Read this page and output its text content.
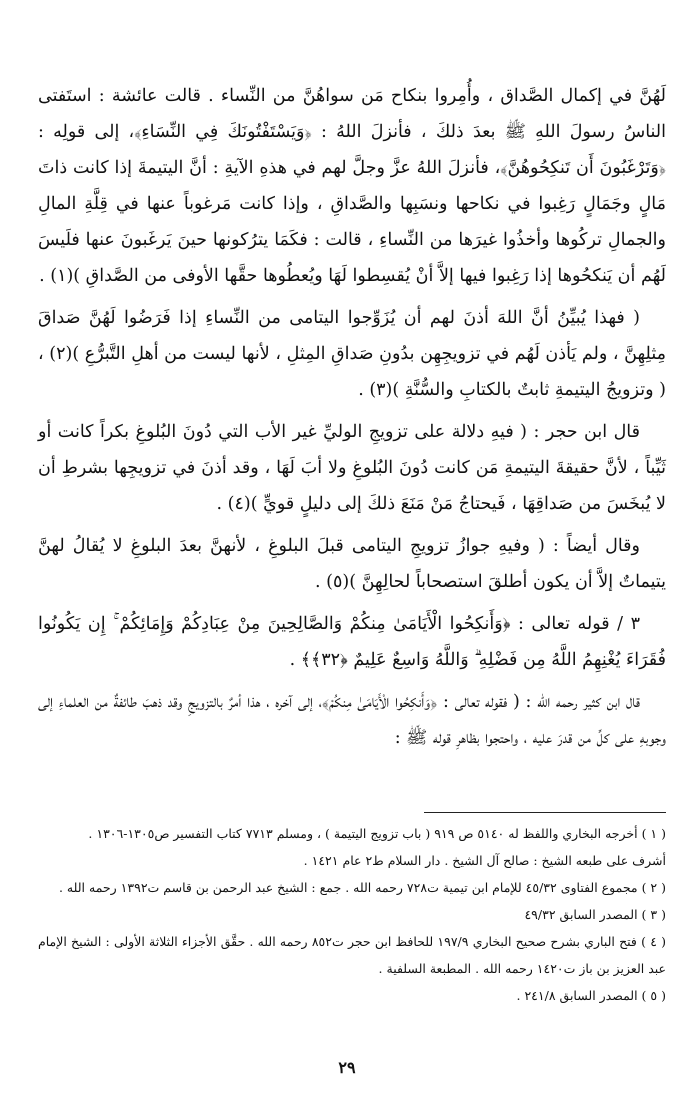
لَهُنَّ في إكمال الصَّداق ، وأُمِروا بنكاح مَن سواهُنَّ من النِّساء . قالت عائشة : استَفتى الناسُ رسولَ اللهِ ﷺ بعدَ ذلكَ ، فأنزلَ اللهُ : ﴿وَيَسْتَفْتُونَكَ فِي النِّسَاءِ﴾، إلى قولِه : ﴿وَتَرْغَبُونَ أَن تَنكِحُوهُنَّ﴾، فأنزلَ اللهُ عزَّ وجلَّ لهم في هذهِ الآيةِ : أنَّ اليتيمةَ إذا كانت ذاتَ مَالٍ وجَمَالٍ رَغِبوا في نكاحها ونسَبِها والصَّداقِ ، وإذا كانت مَرغوباً عنها في قِلَّةِ المالِ والجمالِ تركُوها وأخذُوا غيرَها من النِّساءِ ، قالت : فكَمَا يترُكونها حينَ يَرغَبونَ عنها فلَيسَ لَهُم أن يَنكحُوها إذا رَغِبوا فيها إلاَّ أنْ يُقسِطوا لَهَا ويُعطُوها حقَّها الأوفى من الصَّداقِ )(١) .

( فهذا يُبيِّنُ أنَّ اللهَ أذنَ لهم أن يُزَوِّجوا اليتامى من النِّساءِ إذا فَرَضُوا لَهُنَّ صَداقَ مِثلِهِنَّ ، ولم يَأذن لَهُم في تزويجِهِن بدُونِ صَداقِ المِثلِ ، لأنها ليست من أهلِ التَّبرُّعِ )(٢) ، ( وتزويجُ اليتيمةِ ثابتٌ بالكتابِ والسُّنَّةِ )(٣) .

قال ابن حجر : ( فيهِ دلالة على تزويجِ الوليِّ غير الأب التي دُونَ البُلوغِ بكراً كانت أو ثَيِّباً ، لأنَّ حقيقةَ اليتيمةِ مَن كانت دُونَ البُلوغِ ولا أبَ لَهَا ، وقد أذنَ في تزويجِها بشرطِ أن لا يُبخَسَ من صَداقِهَا ، فَيحتاجُ مَنْ مَنَعَ ذلكَ إلى دليلٍ قويٍّ )(٤) .

وقال أيضاً : ( وفيهِ جوازُ تزويجِ اليتامى قبلَ البلوغِ ، لأنهنَّ بعدَ البلوغِ لا يُقالُ لهنَّ يتيماتٌ إلاَّ أن يكون أطلقَ استصحاباً لحالِهِنَّ )(٥) .

٣ / قوله تعالى : ﴿وَأَنكِحُوا الْأَيَامَىٰ مِنكُمْ وَالصَّالِحِينَ مِنْ عِبَادِكُمْ وَإِمَائِكُمْ ۚ إِن يَكُونُوا فُقَرَاءَ يُغْنِهِمُ اللَّهُ مِن فَضْلِهِ ۗ وَاللَّهُ وَاسِعٌ عَلِيمٌ ﴿٣٢﴾﴾ .

قال ابن كثير رحمه الله : ( فقوله تعالى : ﴿وَأَنكِحُوا الْأَيَامَىٰ مِنكُمْ﴾، إلى آخره ، هذا أمرٌ بالتزويجِ وقد ذهبَ طائفةٌ من العلماءِ إلى وجوبهِ على كلِّ من قدرَ عليه ، واحتجوا بظاهرِ قوله ﷺ :

( ١ ) أخرجه البخاري واللفظ له ٥١٤٠ ص ٩١٩ ( باب تزويج اليتيمة ) ، ومسلم ٧٧١٣ كتاب التفسير ص١٣٠٥-١٣٠٦ .

أشرف على طبعه الشيخ : صالح آل الشيخ . دار السلام ط٢ عام ١٤٢١ .

( ٢ ) مجموع الفتاوى ٤٥/٣٢ للإمام ابن تيمية ت٧٢٨ رحمه الله . جمع : الشيخ عبد الرحمن بن قاسم ت١٣٩٢ رحمه الله .

( ٣ ) المصدر السابق ٤٩/٣٢

( ٤ ) فتح الباري بشرح صحيح البخاري ١٩٧/٩ للحافظ ابن حجر ت٨٥٢ رحمه الله . حقَّق الأجزاء الثلاثة الأولى : الشيخ الإمام عبد العزيز بن باز ت١٤٢٠ رحمه الله . المطبعة السلفية .

( ٥ ) المصدر السابق ٢٤١/٨ .

٢٩
